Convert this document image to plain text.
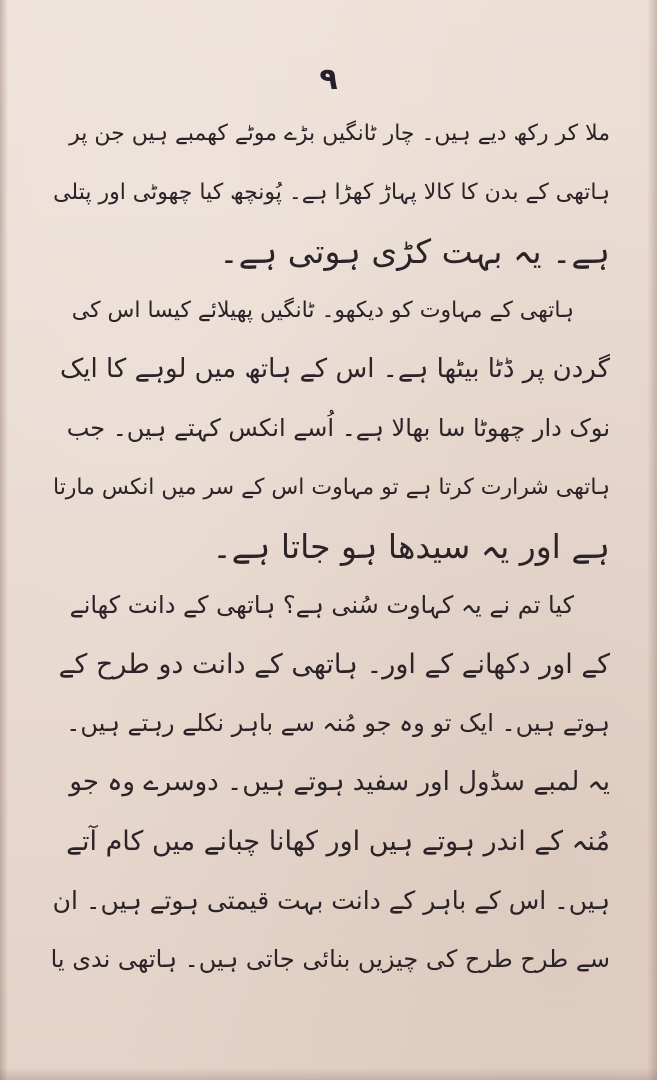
۹
ملا کر رکھ دیے ہیں۔ چار ٹانگیں بڑے موٹے کھمبے ہیں جن پر
ہاتھی کے بدن کا کالا پہاڑ کھڑا ہے۔ پُونچھ کیا چھوٹی اور پتلی
ہے۔ یہ بہت کڑی ہوتی ہے۔
ہاتھی کے مہاوت کو دیکھو۔ ٹانگیں پھیلائے کیسا اس کی
گردن پر ڈٹا بیٹھا ہے۔ اس کے ہاتھ میں لوہے کا ایک
نوک دار چھوٹا سا بھالا ہے۔ اُسے انکس کہتے ہیں۔ جب
ہاتھی شرارت کرتا ہے تو مہاوت اس کے سر میں انکس مارتا
ہے اور یہ سیدھا ہو جاتا ہے۔
کیا تم نے یہ کہاوت سُنی ہے؟ ہاتھی کے دانت کھانے
کے اور دکھانے کے اور۔ ہاتھی کے دانت دو طرح کے
ہوتے ہیں۔ ایک تو وہ جو مُنہ سے باہر نکلے رہتے ہیں۔
یہ لمبے سڈول اور سفید ہوتے ہیں۔ دوسرے وہ جو
مُنہ کے اندر ہوتے ہیں اور کھانا چبانے میں کام آتے
ہیں۔ اس کے باہر کے دانت بہت قیمتی ہوتے ہیں۔ ان
سے طرح طرح کی چیزیں بنائی جاتی ہیں۔ ہاتھی ندی یا
